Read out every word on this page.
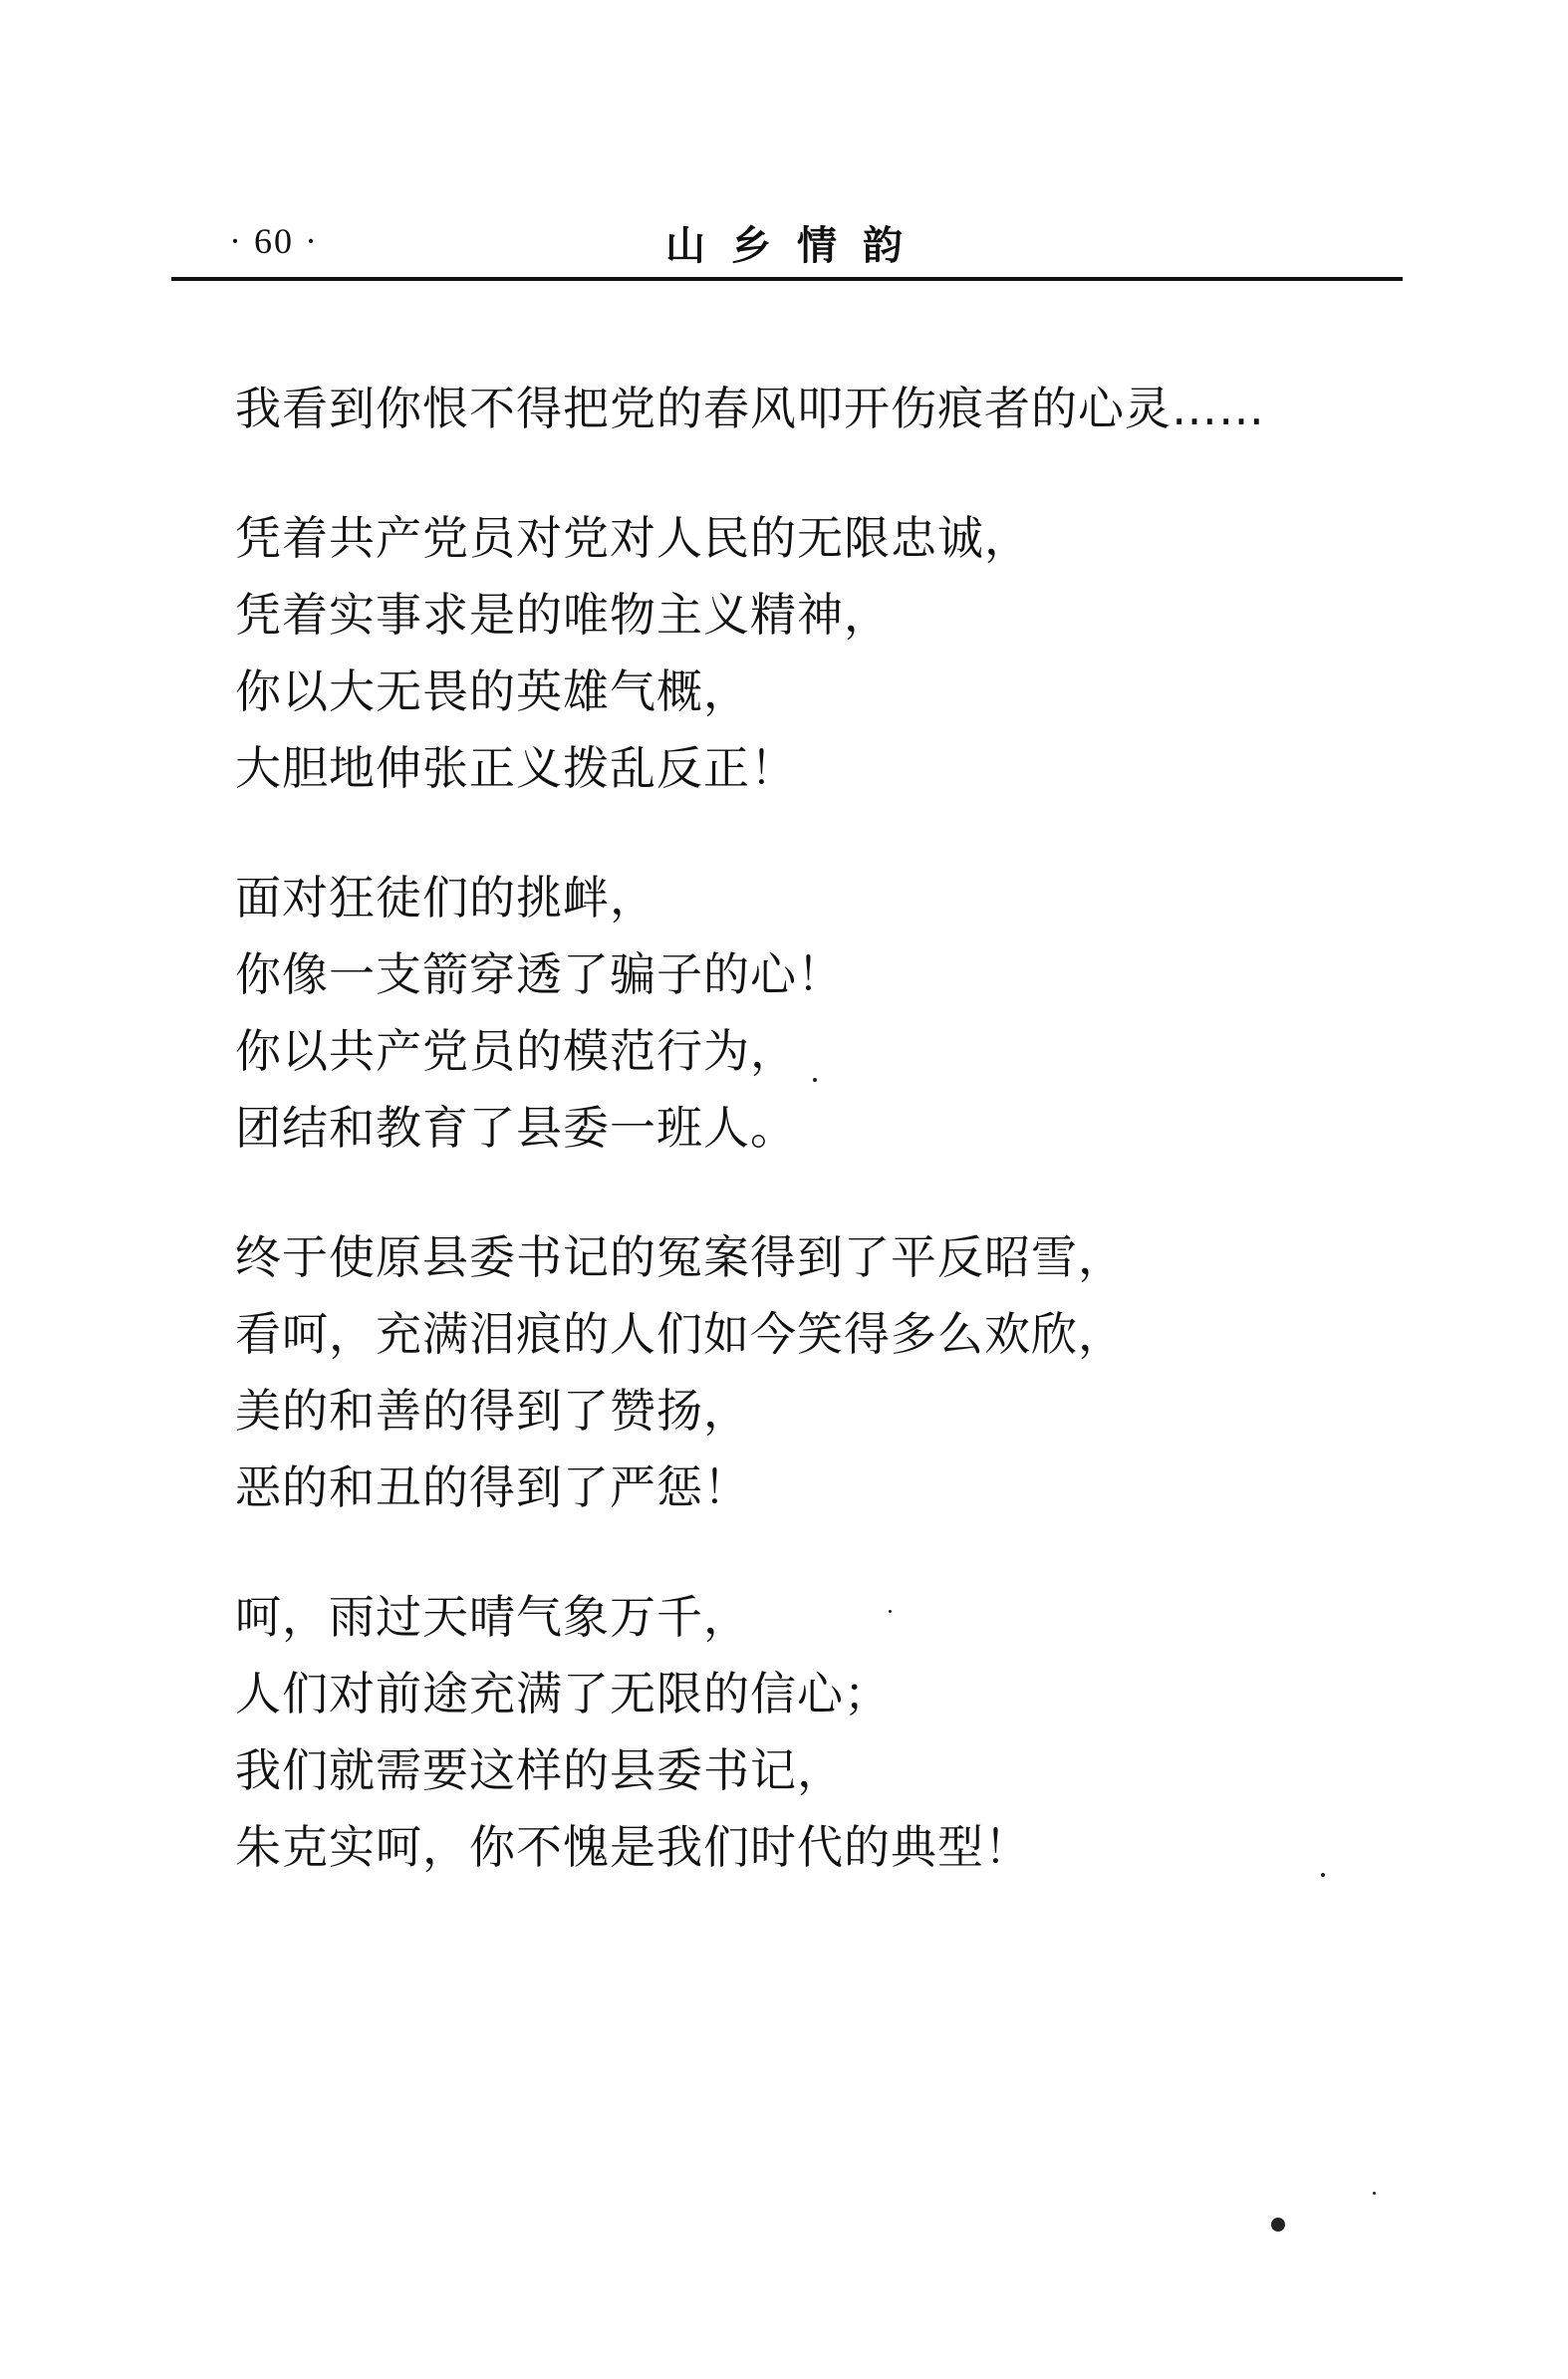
· 60 ·	山乡情韵
我看到你恨不得把党的春风叩开伤痕者的心灵……
凭着共产党员对党对人民的无限忠诚，
凭着实事求是的唯物主义精神，
你以大无畏的英雄气概，
大胆地伸张正义拨乱反正！
面对狂徒们的挑衅，
你像一支箭穿透了骗子的心！
你以共产党员的模范行为，
团结和教育了县委一班人。
终于使原县委书记的冤案得到了平反昭雪，
看呵，充满泪痕的人们如今笑得多么欢欣，
美的和善的得到了赞扬，
恶的和丑的得到了严惩！
呵，雨过天晴气象万千，
人们对前途充满了无限的信心；
我们就需要这样的县委书记，
朱克实呵，你不愧是我们时代的典型！
